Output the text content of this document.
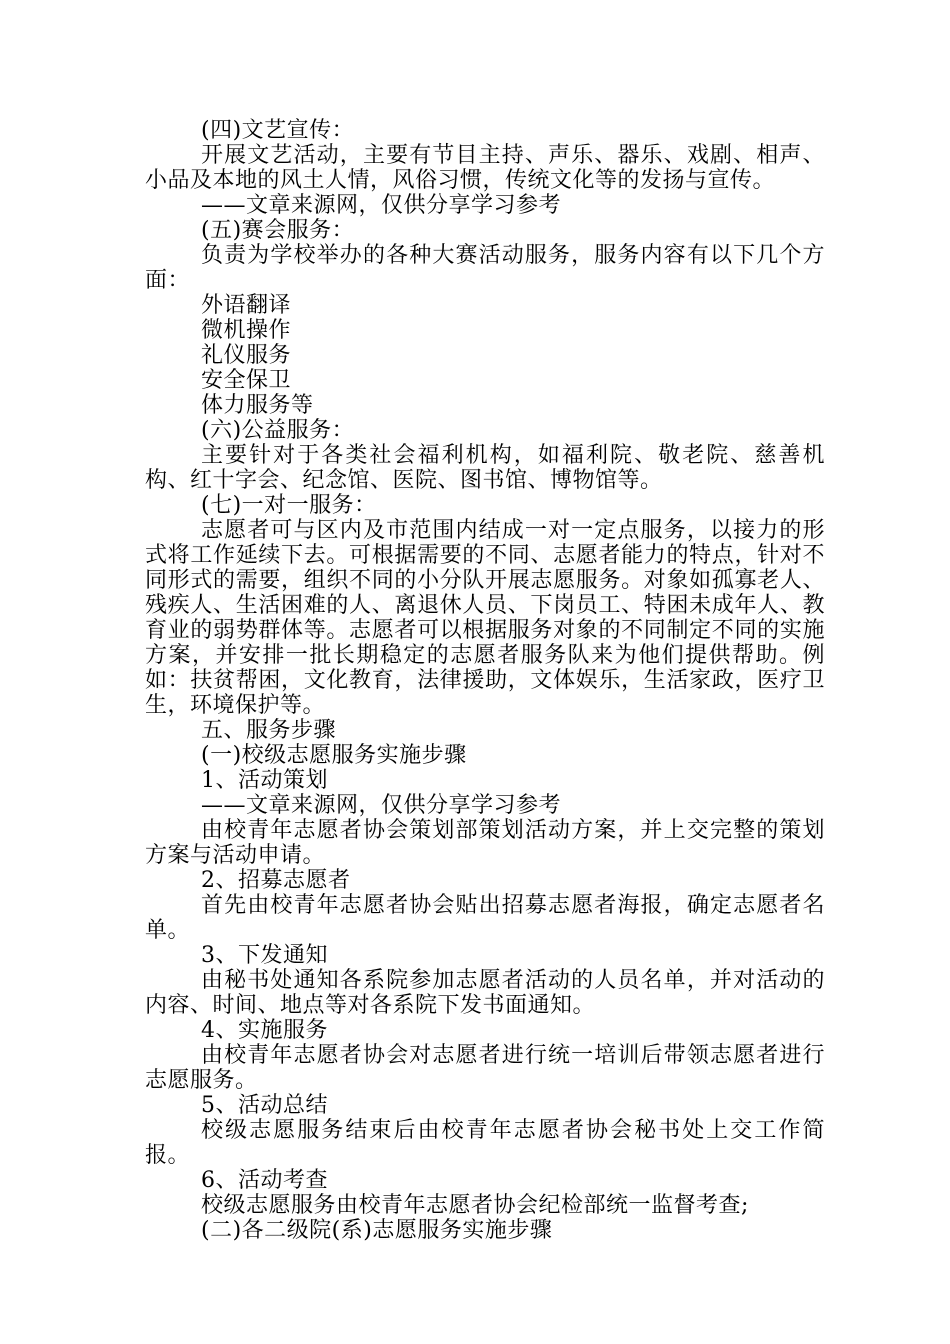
(四)文艺宣传：

开展文艺活动，主要有节目主持、声乐、器乐、戏剧、相声、小品及本地的风土人情，风俗习惯，传统文化等的发扬与宣传。

——文章来源网，仅供分享学习参考

(五)赛会服务：

负责为学校举办的各种大赛活动服务，服务内容有以下几个方面：

外语翻译

微机操作

礼仪服务

安全保卫

体力服务等

(六)公益服务：

主要针对于各类社会福利机构，如福利院、敬老院、慈善机构、红十字会、纪念馆、医院、图书馆、博物馆等。

(七)一对一服务：

志愿者可与区内及市范围内结成一对一定点服务，以接力的形式将工作延续下去。可根据需要的不同、志愿者能力的特点，针对不同形式的需要，组织不同的小分队开展志愿服务。对象如孤寡老人、残疾人、生活困难的人、离退休人员、下岗员工、特困未成年人、教育业的弱势群体等。志愿者可以根据服务对象的不同制定不同的实施方案，并安排一批长期稳定的志愿者服务队来为他们提供帮助。例如：扶贫帮困，文化教育，法律援助，文体娱乐，生活家政，医疗卫生，环境保护等。

五、服务步骤

(一)校级志愿服务实施步骤

1、活动策划

——文章来源网，仅供分享学习参考

由校青年志愿者协会策划部策划活动方案，并上交完整的策划方案与活动申请。

2、招募志愿者

首先由校青年志愿者协会贴出招募志愿者海报，确定志愿者名单。

3、下发通知

由秘书处通知各系院参加志愿者活动的人员名单，并对活动的内容、时间、地点等对各系院下发书面通知。

4、实施服务

由校青年志愿者协会对志愿者进行统一培训后带领志愿者进行志愿服务。

5、活动总结

校级志愿服务结束后由校青年志愿者协会秘书处上交工作简报。

6、活动考查

校级志愿服务由校青年志愿者协会纪检部统一监督考查;

(二)各二级院(系)志愿服务实施步骤
